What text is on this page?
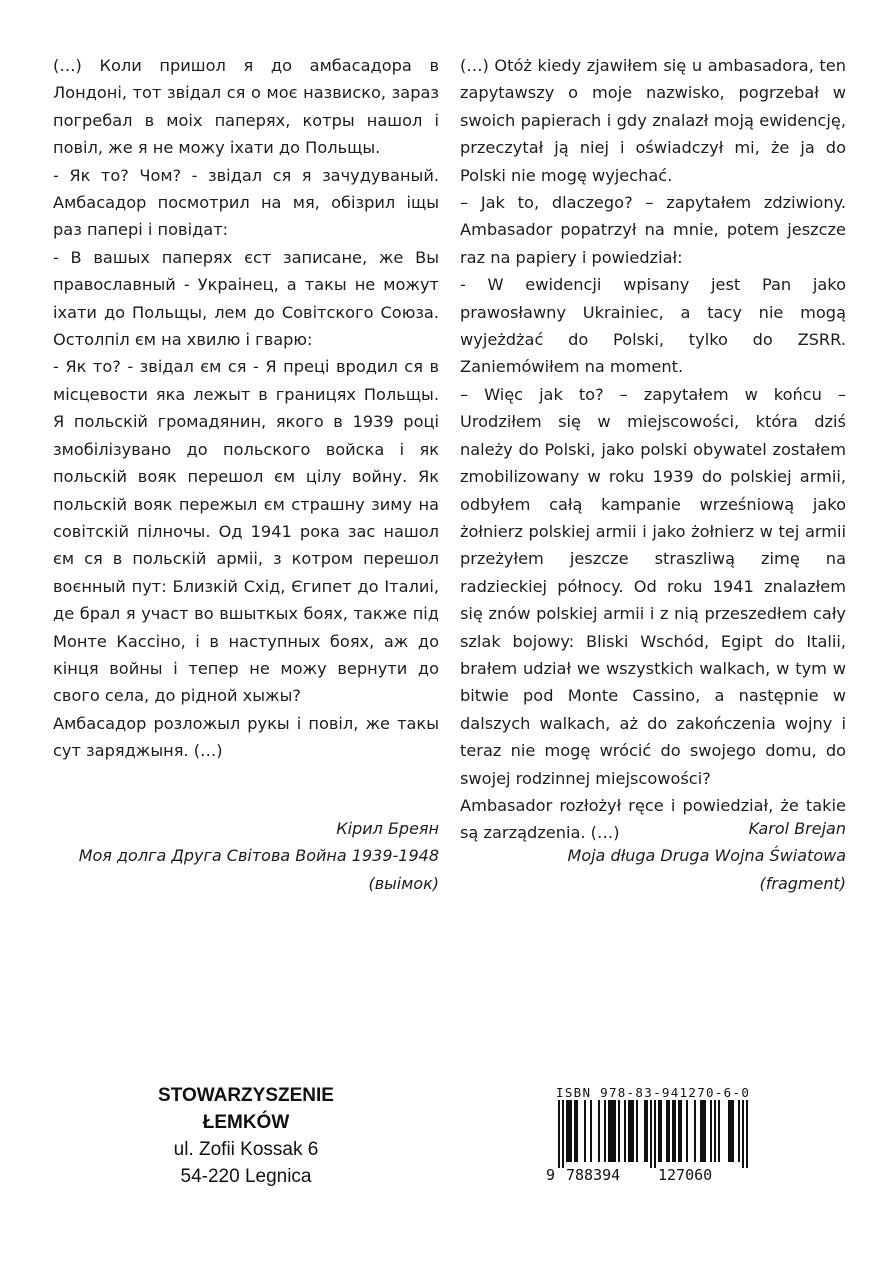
(…) Коли пришол я до амбасадора в Лондоні, тот звідал ся о моє назвиско, зараз погребал в моіх паперях, котры нашол і повіл, же я не можу іхати до Польщы.

- Як то? Чом? - звідал ся я зачудуваный. Амбасадор посмотрил на мя, обізрил іщы раз папері і повідат:

- В вашых паперях єст записане, же Вы православный - Украінец, а такы не можут іхати до Польщы, лем до Совітского Союза. Остолпіл єм на хвилю і гварю:

- Як то? - звідал єм ся - Я преці вродил ся в місцевости яка лежыт в границях Польщы. Я польскій громадянин, якого в 1939 році змобілізувано до польского войска і як польскій вояк перешол єм цілу войну. Як польскій вояк пережыл єм страшну зиму на совітскій пілночы. Од 1941 рока зас нашол єм ся в польскій арміі, з котром перешол воєнный пут: Близкій Схід, Єгипет до Італиі, де брал я участ во вшыткых боях, также під Монте Кассіно, і в наступных боях, аж до кінця войны і тепер не можу вернути до свого села, до рідной хыжы?

Амбасадор розложыл рукы і повіл, же такы сут заряджыня. (…)

(…) Otóż kiedy zjawiłem się u ambasadora, ten zapytawszy o moje nazwisko, pogrzebał w swoich papierach i gdy znalazł moją ewidencję, przeczytał ją niej i oświadczył mi, że ja do Polski nie mogę wyjechać.

– Jak to, dlaczego? – zapytałem zdziwiony. Ambasador popatrzył na mnie, potem jeszcze raz na papiery i powiedział:

- W ewidencji wpisany jest Pan jako prawosławny Ukrainiec, a tacy nie mogą wyjeżdżać do Polski, tylko do ZSRR. Zaniemówiłem na moment.

– Więc jak to? – zapytałem w końcu – Urodziłem się w miejscowości, która dziś należy do Polski, jako polski obywatel zostałem zmobilizowany w roku 1939 do polskiej armii, odbyłem całą kampanie wrześniową jako żołnierz polskiej armii i jako żołnierz w tej armii przeżyłem jeszcze straszliwą zimę na radzieckiej północy. Od roku 1941 znalazłem się znów polskiej armii i z nią przeszedłem cały szlak bojowy: Bliski Wschód, Egipt do Italii, brałem udział we wszystkich walkach, w tym w bitwie pod Monte Cassino, a następnie w dalszych walkach, aż do zakończenia wojny i teraz nie mogę wrócić do swojego domu, do swojej rodzinnej miejscowości?

Ambasador rozłożył ręce i powiedział, że takie są zarządzenia. (…)

Кірил Бреян
Моя долга Друга Світова Война 1939-1948
(выімок)
Karol Brejan
Moja długa Druga Wojna Światowa
(fragment)
STOWARZYSZENIE
ŁEMKÓW
ul. Zofii Kossak 6
54-220 Legnica
ISBN 978-83-941270-6-0
9 788394	127060
